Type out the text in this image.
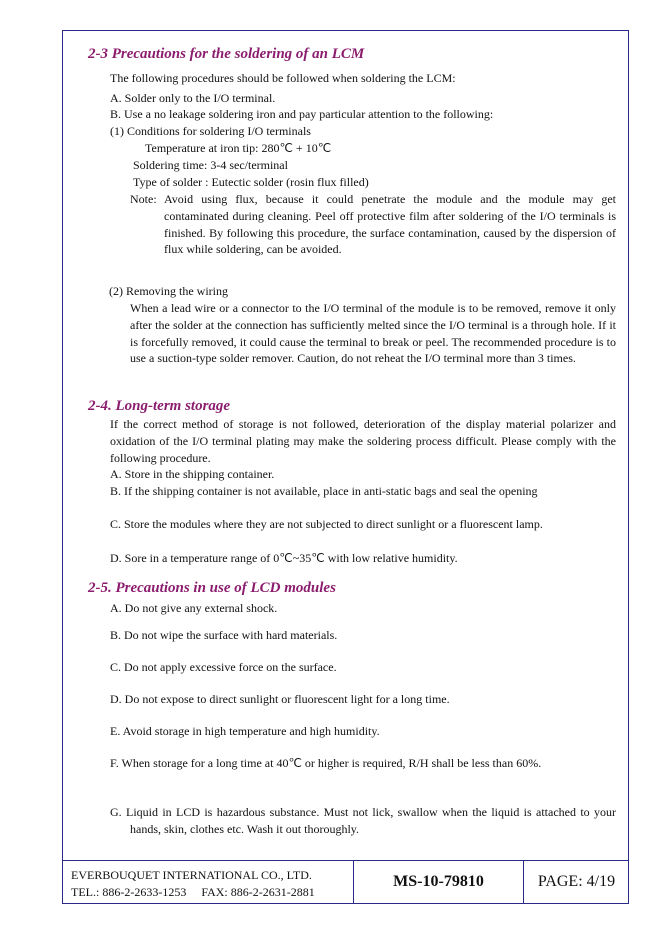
2-3 Precautions for the soldering of an LCM
The following procedures should be followed when soldering the LCM:
A. Solder only to the I/O terminal.
B. Use a no leakage soldering iron and pay particular attention to the following:
(1) Conditions for soldering I/O terminals
Temperature at iron tip: 280℃ + 10℃
Soldering time: 3-4 sec/terminal
Type of solder : Eutectic solder (rosin flux filled)
Note: Avoid using flux, because it could penetrate the module and the module may get contaminated during cleaning. Peel off protective film after soldering of the I/O terminals is finished. By following this procedure, the surface contamination, caused by the dispersion of flux while soldering, can be avoided.
(2) Removing the wiring
When a lead wire or a connector to the I/O terminal of the module is to be removed, remove it only after the solder at the connection has sufficiently melted since the I/O terminal is a through hole. If it is forcefully removed, it could cause the terminal to break or peel. The recommended procedure is to use a suction-type solder remover. Caution, do not reheat the I/O terminal more than 3 times.
2-4. Long-term storage
If the correct method of storage is not followed, deterioration of the display material polarizer and oxidation of the I/O terminal plating may make the soldering process difficult. Please comply with the following procedure.
A. Store in the shipping container.
B. If the shipping container is not available, place in anti-static bags and seal the opening
C. Store the modules where they are not subjected to direct sunlight or a fluorescent lamp.
D. Sore in a temperature range of 0℃~35℃ with low relative humidity.
2-5. Precautions in use of LCD modules
A. Do not give any external shock.
B. Do not wipe the surface with hard materials.
C. Do not apply excessive force on the surface.
D. Do not expose to direct sunlight or fluorescent light for a long time.
E. Avoid storage in high temperature and high humidity.
F. When storage for a long time at 40℃ or higher is required, R/H shall be less than 60%.
G. Liquid in LCD is hazardous substance. Must not lick, swallow when the liquid is attached to your hands, skin, clothes etc. Wash it out thoroughly.
EVERBOUQUET INTERNATIONAL CO., LTD.
TEL.: 886-2-2633-1253     FAX: 886-2-2631-2881
MS-10-79810	PAGE: 4/19
